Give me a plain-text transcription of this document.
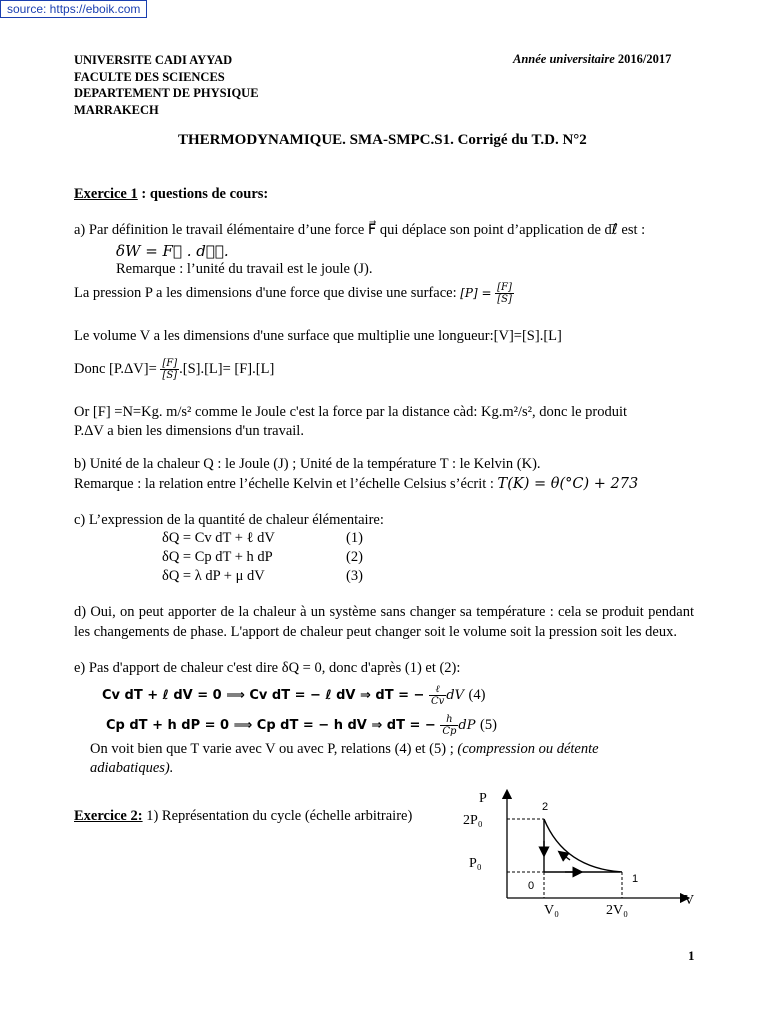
source: https://eboik.com
UNIVERSITE CADI AYYAD
FACULTE DES SCIENCES
DEPARTEMENT DE PHYSIQUE
MARRAKECH
Année universitaire 2016/2017
THERMODYNAMIQUE. SMA-SMPC.S1. Corrigé du T.D. N°2
Exercice 1 : questions de cours:
a) Par définition le travail élémentaire d’une force F⃗ qui déplace son point d’application de dℓ⃗ est :
δW = F⃗ . dℓ⃗.
Remarque : l’unité du travail est le joule (J).
La pression P a les dimensions d'une force que divise une surface: $[P] = \frac{[F]}{[S]}$
Le volume V a les dimensions d'une surface que multiplie une longueur:[V]=[S].[L]
Donc $[P.\Delta V]= \frac{[F]}{[S]} .[S].[L]= [F].[L]$
Or [F] =N=Kg. m/s² comme le Joule c'est la force par la distance càd: Kg.m²/s², donc le produit
P.ΔV a bien les dimensions d'un travail.
b) Unité de la chaleur Q : le Joule (J) ; Unité de la température T : le Kelvin (K).
Remarque : la relation entre l’échelle Kelvin et l’échelle Celsius s’écrit : T(K) = θ(°C) + 273
c) L’expression de la quantité de chaleur élémentaire:
δQ = Cv dT + ℓ dV	(1)
δQ = Cp dT + h dP	(2)
δQ = λ dP + μ dV	(3)
d) Oui, on peut apporter de la chaleur à un système sans changer sa température : cela se produit pendant les changements de phase. L'apport de chaleur peut changer soit le volume soit la pression soit les deux.
e) Pas d'apport de chaleur c'est dire δQ = 0, donc d'après (1) et (2):
Cv dT + ℓ dV = 0 ⟹ Cv dT = − ℓ dV ⇒ dT = − $\frac{\text{ℓ}}{Cv}$ dV (4)
Cp dT + h dP = 0 ⟹ Cp dT = − h dV ⇒ dT = − $\frac{h}{Cp}$ dP (5)
On voit bien que T varie avec V ou avec P, relations (4) et (5) ; (compression ou détente
adiabatiques).
Exercice 2: 1) Représentation du cycle (échelle arbitraire)
P
V
2P₀
P₀
V₀	2V₀
0
1
2
1
